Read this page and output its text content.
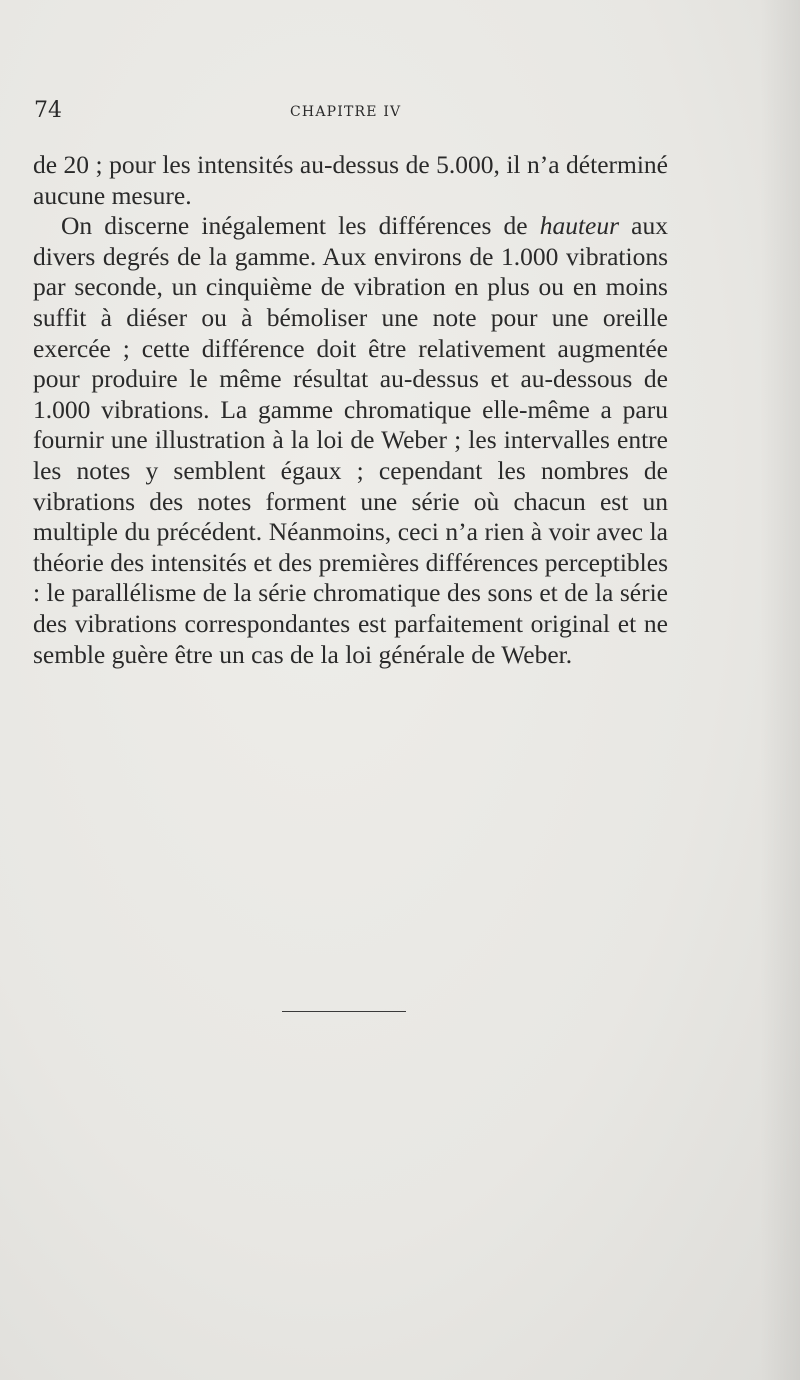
74	CHAPITRE IV

de 20 ; pour les intensités au-dessus de 5.000, il n’a déterminé aucune mesure.

On discerne inégalement les différences de hauteur aux divers degrés de la gamme. Aux environs de 1.000 vibrations par seconde, un cinquième de vibration en plus ou en moins suffit à diéser ou à bémoliser une note pour une oreille exercée ; cette différence doit être relativement augmentée pour produire le même résultat au-dessus et au-dessous de 1.000 vibrations. La gamme chromatique elle-même a paru fournir une illustration à la loi de Weber ; les intervalles entre les notes y semblent égaux ; cependant les nombres de vibrations des notes forment une série où chacun est un multiple du précédent. Néanmoins, ceci n’a rien à voir avec la théorie des intensités et des premières différences perceptibles : le parallélisme de la série chromatique des sons et de la série des vibrations correspondantes est parfaitement original et ne semble guère être un cas de la loi générale de Weber.
